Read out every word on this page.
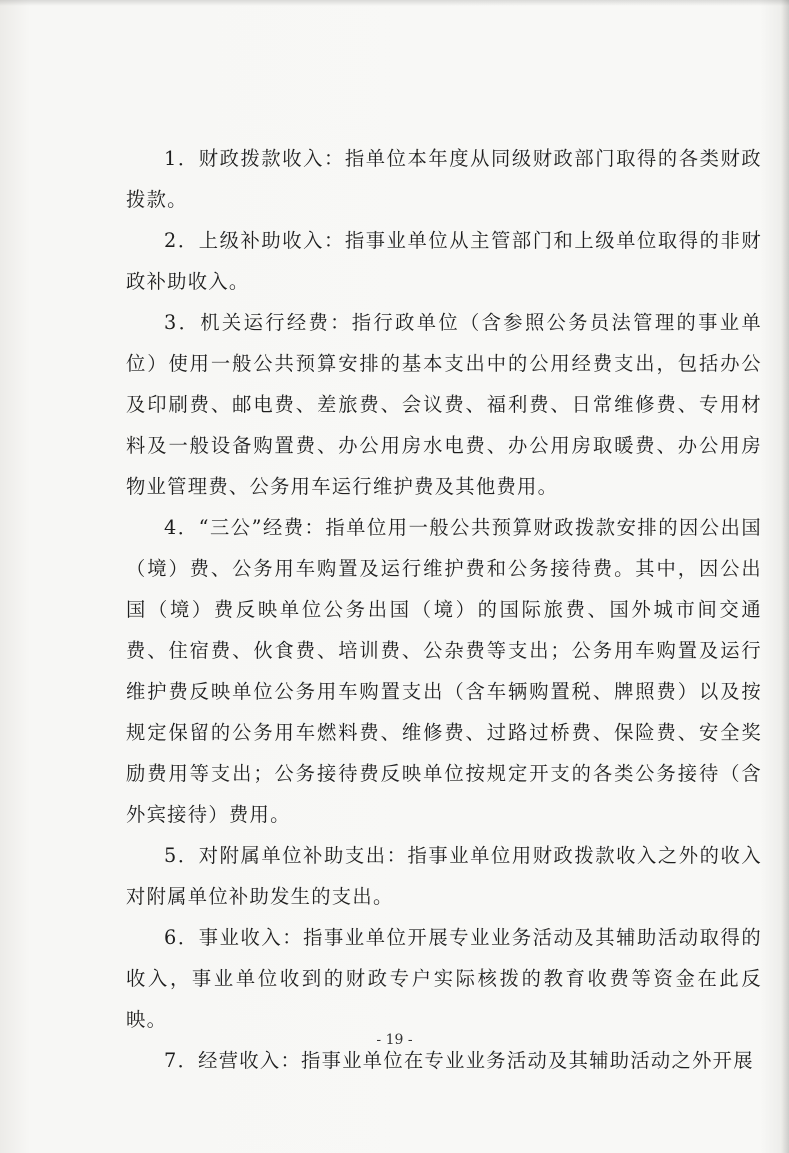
1．财政拨款收入：指单位本年度从同级财政部门取得的各类财政拨款。

2．上级补助收入：指事业单位从主管部门和上级单位取得的非财政补助收入。

3．机关运行经费：指行政单位（含参照公务员法管理的事业单位）使用一般公共预算安排的基本支出中的公用经费支出，包括办公及印刷费、邮电费、差旅费、会议费、福利费、日常维修费、专用材料及一般设备购置费、办公用房水电费、办公用房取暖费、办公用房物业管理费、公务用车运行维护费及其他费用。

4．“三公”经费：指单位用一般公共预算财政拨款安排的因公出国（境）费、公务用车购置及运行维护费和公务接待费。其中，因公出国（境）费反映单位公务出国（境）的国际旅费、国外城市间交通费、住宿费、伙食费、培训费、公杂费等支出；公务用车购置及运行维护费反映单位公务用车购置支出（含车辆购置税、牌照费）以及按规定保留的公务用车燃料费、维修费、过路过桥费、保险费、安全奖励费用等支出；公务接待费反映单位按规定开支的各类公务接待（含外宾接待）费用。

5．对附属单位补助支出：指事业单位用财政拨款收入之外的收入对附属单位补助发生的支出。

6．事业收入：指事业单位开展专业业务活动及其辅助活动取得的收入，事业单位收到的财政专户实际核拨的教育收费等资金在此反映。

7．经营收入：指事业单位在专业业务活动及其辅助活动之外开展

- 19 -
